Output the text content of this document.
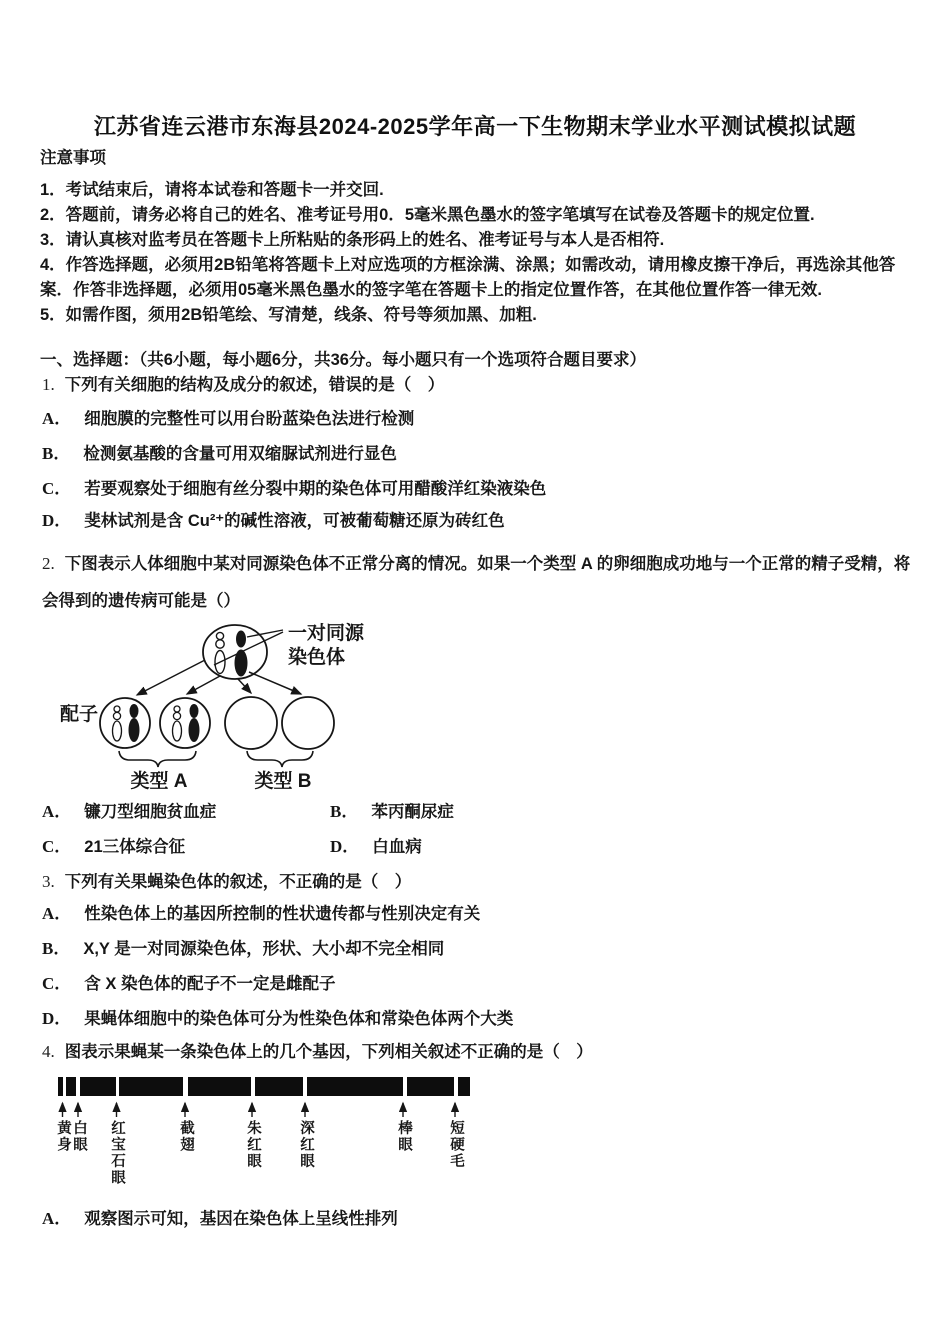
江苏省连云港市东海县2024-2025学年高一下生物期末学业水平测试模拟试题
注意事项
1．考试结束后，请将本试卷和答题卡一并交回.
2．答题前，请务必将自己的姓名、准考证号用0．5毫米黑色墨水的签字笔填写在试卷及答题卡的规定位置.
3．请认真核对监考员在答题卡上所粘贴的条形码上的姓名、准考证号与本人是否相符.
4．作答选择题，必须用2B铅笔将答题卡上对应选项的方框涂满、涂黑；如需改动，请用橡皮擦干净后，再选涂其他答案．作答非选择题，必须用05毫米黑色墨水的签字笔在答题卡上的指定位置作答，在其他位置作答一律无效.
5．如需作图，须用2B铅笔绘、写清楚，线条、符号等须加黑、加粗.
一、选择题：（共6小题，每小题6分，共36分。每小题只有一个选项符合题目要求）
1. 下列有关细胞的结构及成分的叙述，错误的是（　）
A． 细胞膜的完整性可以用台盼蓝染色法进行检测
B． 检测氨基酸的含量可用双缩脲试剂进行显色
C． 若要观察处于细胞有丝分裂中期的染色体可用醋酸洋红染液染色
D． 斐林试剂是含 Cu²⁺的碱性溶液，可被葡萄糖还原为砖红色
2. 下图表示人体细胞中某对同源染色体不正常分离的情况。如果一个类型 A 的卵细胞成功地与一个正常的精子受精，将会得到的遗传病可能是（）
一对同源
染色体
配子
类型 A	类型 B
A． 镰刀型细胞贫血症	B． 苯丙酮尿症
C． 21三体综合征	D． 白血病
3. 下列有关果蝇染色体的叙述，不正确的是（　）
A． 性染色体上的基因所控制的性状遗传都与性别决定有关
B． X,Y 是一对同源染色体，形状、大小却不完全相同
C． 含 X 染色体的配子不一定是雌配子
D． 果蝇体细胞中的染色体可分为性染色体和常染色体两个大类
4. 图表示果蝇某一条染色体上的几个基因，下列相关叙述不正确的是（　）
黄身 白眼 红宝石眼	截翅	朱红眼	深红眼	棒眼 短硬毛
A． 观察图示可知，基因在染色体上呈线性排列
